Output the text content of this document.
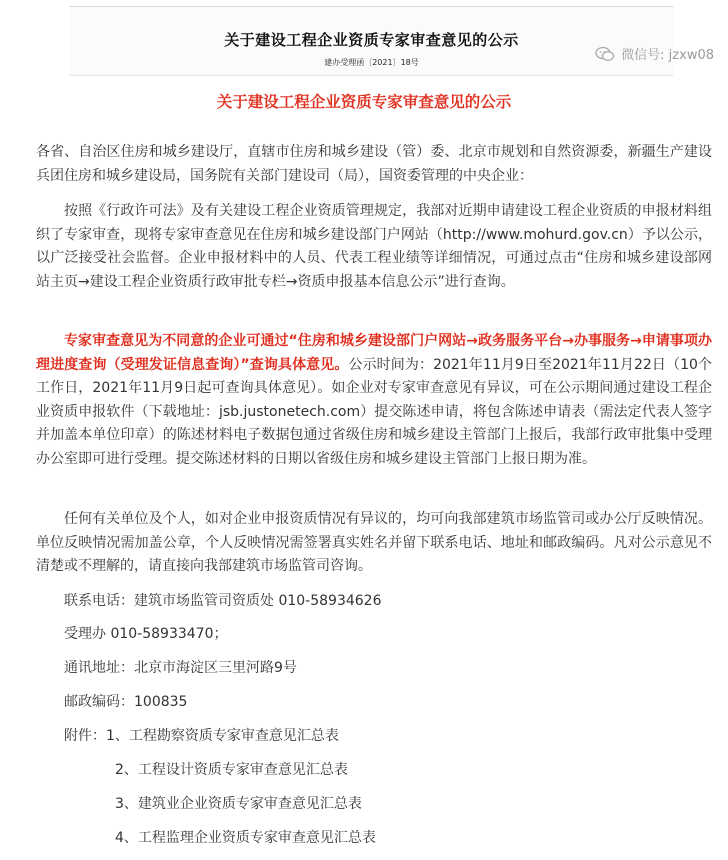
关于建设工程企业资质专家审查意见的公示
建办受理函〔2021〕18号	微信号: jzxw08
关于建设工程企业资质专家审查意见的公示

各省、自治区住房和城乡建设厅，直辖市住房和城乡建设（管）委、北京市规划和自然资源委，新疆生产建设兵团住房和城乡建设局，国务院有关部门建设司（局），国资委管理的中央企业：

按照《行政许可法》及有关建设工程企业资质管理规定，我部对近期申请建设工程企业资质的申报材料组织了专家审查，现将专家审查意见在住房和城乡建设部门户网站（http://www.mohurd.gov.cn）予以公示，以广泛接受社会监督。企业申报材料中的人员、代表工程业绩等详细情况，可通过点击“住房和城乡建设部网站主页→建设工程企业资质行政审批专栏→资质申报基本信息公示”进行查询。

专家审查意见为不同意的企业可通过“住房和城乡建设部门户网站→政务服务平台→办事服务→申请事项办理进度查询（受理发证信息查询）”查询具体意见。公示时间为：2021年11月9日至2021年11月22日（10个工作日，2021年11月9日起可查询具体意见）。如企业对专家审查意见有异议，可在公示期间通过建设工程企业资质申报软件（下载地址：jsb.justonetech.com）提交陈述申请，将包含陈述申请表（需法定代表人签字并加盖本单位印章）的陈述材料电子数据包通过省级住房和城乡建设主管部门上报后，我部行政审批集中受理办公室即可进行受理。提交陈述材料的日期以省级住房和城乡建设主管部门上报日期为准。

任何有关单位及个人，如对企业申报资质情况有异议的，均可向我部建筑市场监管司或办公厅反映情况。单位反映情况需加盖公章，个人反映情况需签署真实姓名并留下联系电话、地址和邮政编码。凡对公示意见不清楚或不理解的，请直接向我部建筑市场监管司咨询。

联系电话：建筑市场监管司资质处 010-58934626
受理办 010-58933470；
通讯地址：北京市海淀区三里河路9号
邮政编码：100835
附件：1、工程勘察资质专家审查意见汇总表
2、工程设计资质专家审查意见汇总表
3、建筑业企业资质专家审查意见汇总表
4、工程监理企业资质专家审查意见汇总表
